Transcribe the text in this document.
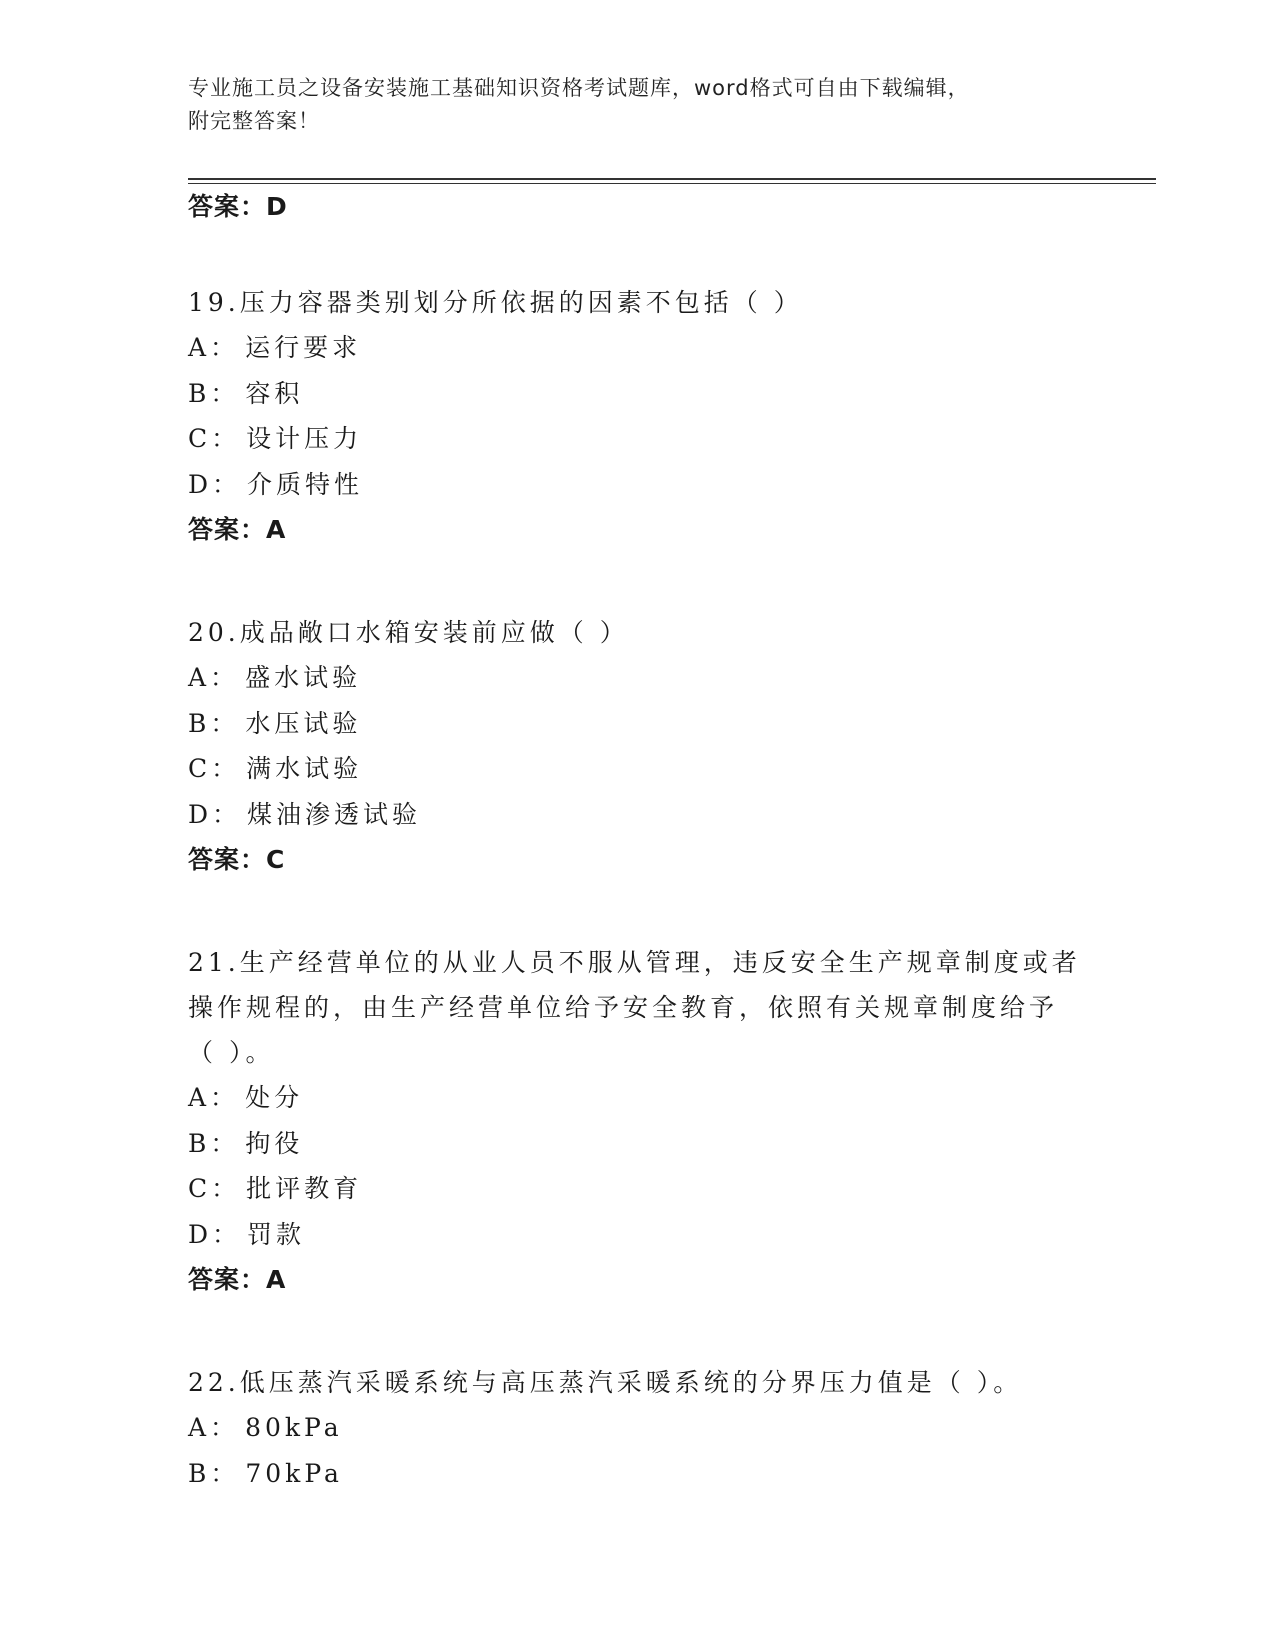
专业施工员之设备安装施工基础知识资格考试题库，word格式可自由下载编辑，
附完整答案！
答案：D
19.压力容器类别划分所依据的因素不包括（ ）
A： 运行要求
B： 容积
C： 设计压力
D： 介质特性
答案：A
20.成品敞口水箱安装前应做（ ）
A： 盛水试验
B： 水压试验
C： 满水试验
D： 煤油渗透试验
答案：C
21.生产经营单位的从业人员不服从管理，违反安全生产规章制度或者
操作规程的，由生产经营单位给予安全教育，依照有关规章制度给予
（ ）。
A： 处分
B： 拘役
C： 批评教育
D： 罚款
答案：A
22.低压蒸汽采暖系统与高压蒸汽采暖系统的分界压力值是（ ）。
A： 80kPa
B： 70kPa
